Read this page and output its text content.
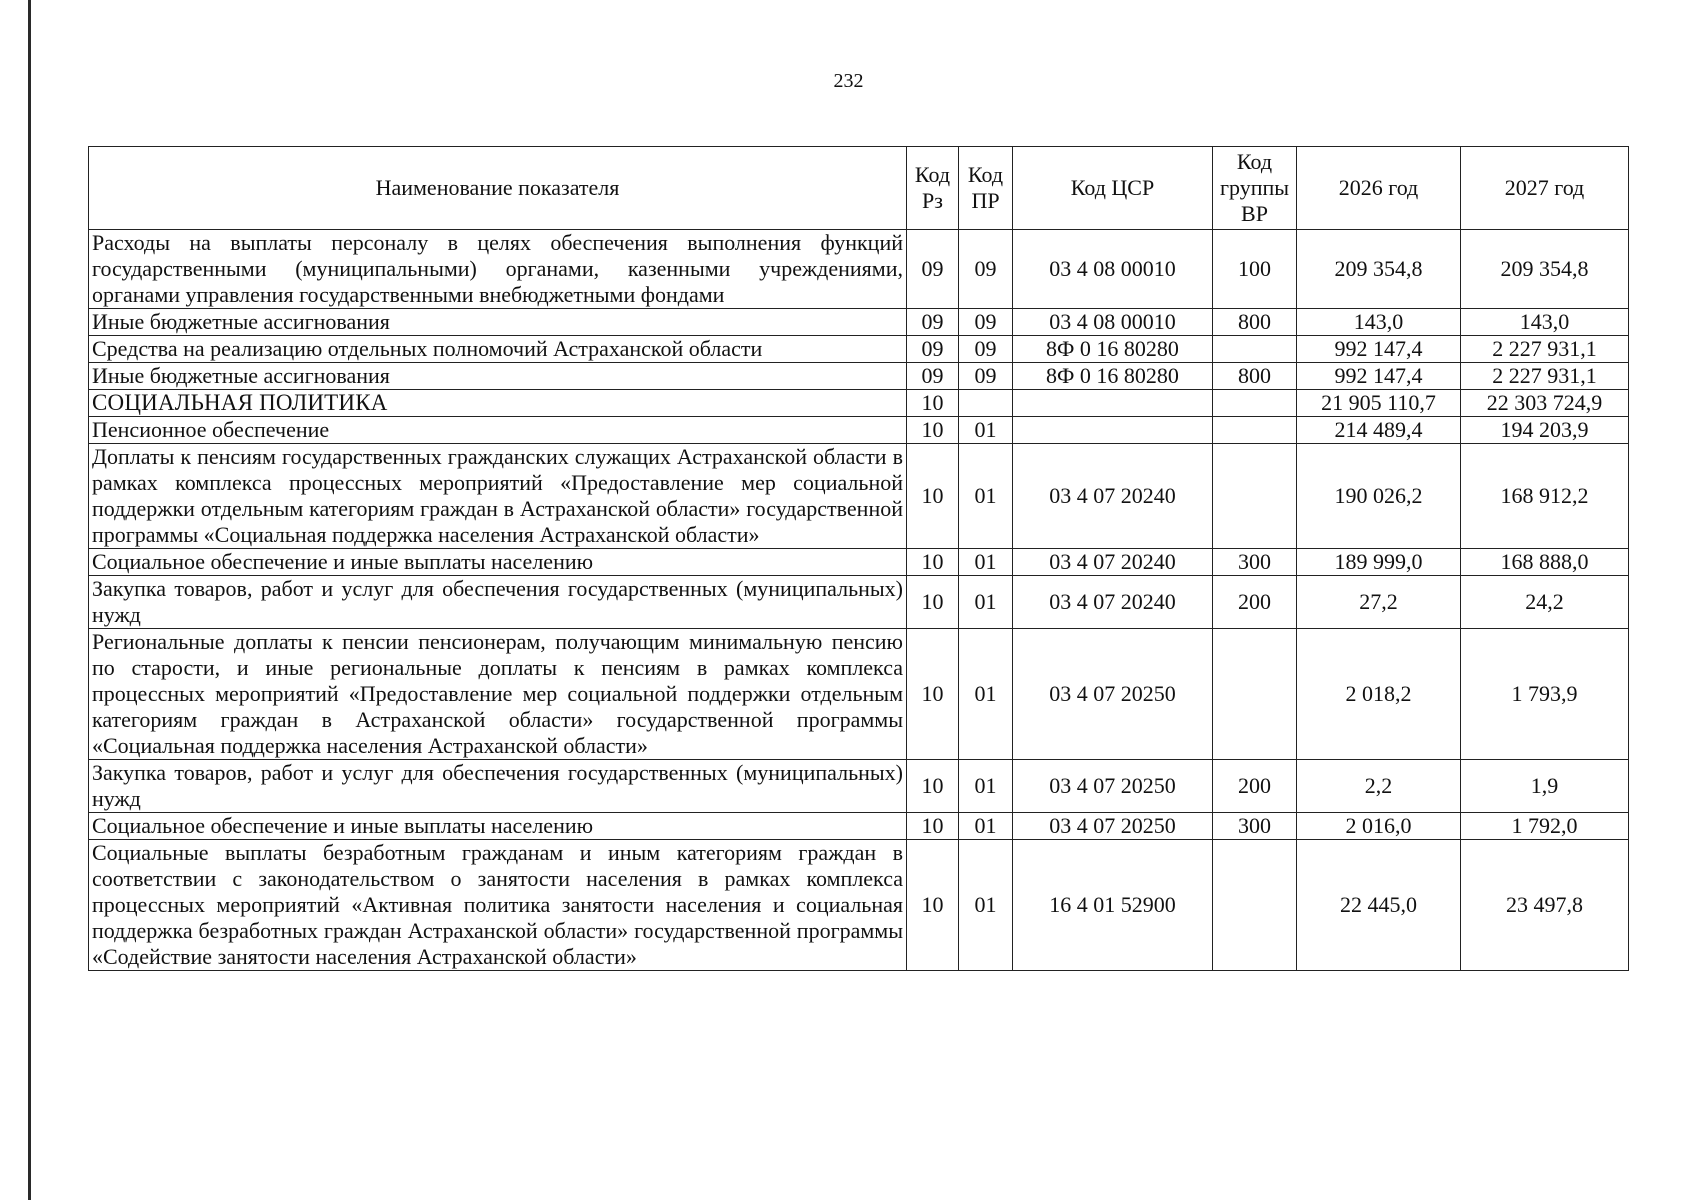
232
Наименование показателя	Код Рз	Код ПР	Код ЦСР	Код группы ВР	2026 год	2027 год
Расходы на выплаты персоналу в целях обеспечения выполнения функций государственными (муниципальными) органами, казенными учреждениями, органами управления государственными внебюджетными фондами	09	09	03 4 08 00010	100	209 354,8	209 354,8
Иные бюджетные ассигнования	09	09	03 4 08 00010	800	143,0	143,0
Средства на реализацию отдельных полномочий Астраханской области	09	09	8Ф 0 16 80280		992 147,4	2 227 931,1
Иные бюджетные ассигнования	09	09	8Ф 0 16 80280	800	992 147,4	2 227 931,1
СОЦИАЛЬНАЯ ПОЛИТИКА	10				21 905 110,7	22 303 724,9
Пенсионное обеспечение	10	01			214 489,4	194 203,9
Доплаты к пенсиям государственных гражданских служащих Астраханской области в рамках комплекса процессных мероприятий «Предоставление мер социальной поддержки отдельным категориям граждан в Астраханской области» государственной программы «Социальная поддержка населения Астраханской области»	10	01	03 4 07 20240		190 026,2	168 912,2
Социальное обеспечение и иные выплаты населению	10	01	03 4 07 20240	300	189 999,0	168 888,0
Закупка товаров, работ и услуг для обеспечения государственных (муниципальных) нужд	10	01	03 4 07 20240	200	27,2	24,2
Региональные доплаты к пенсии пенсионерам, получающим минимальную пенсию по старости, и иные региональные доплаты к пенсиям в рамках комплекса процессных мероприятий «Предоставление мер социальной поддержки отдельным категориям граждан в Астраханской области» государственной программы «Социальная поддержка населения Астраханской области»	10	01	03 4 07 20250		2 018,2	1 793,9
Закупка товаров, работ и услуг для обеспечения государственных (муниципальных) нужд	10	01	03 4 07 20250	200	2,2	1,9
Социальное обеспечение и иные выплаты населению	10	01	03 4 07 20250	300	2 016,0	1 792,0
Социальные выплаты безработным гражданам и иным категориям граждан в соответствии с законодательством о занятости населения в рамках комплекса процессных мероприятий «Активная политика занятости населения и социальная поддержка безработных граждан Астраханской области» государственной программы «Содействие занятости населения Астраханской области»	10	01	16 4 01 52900		22 445,0	23 497,8
